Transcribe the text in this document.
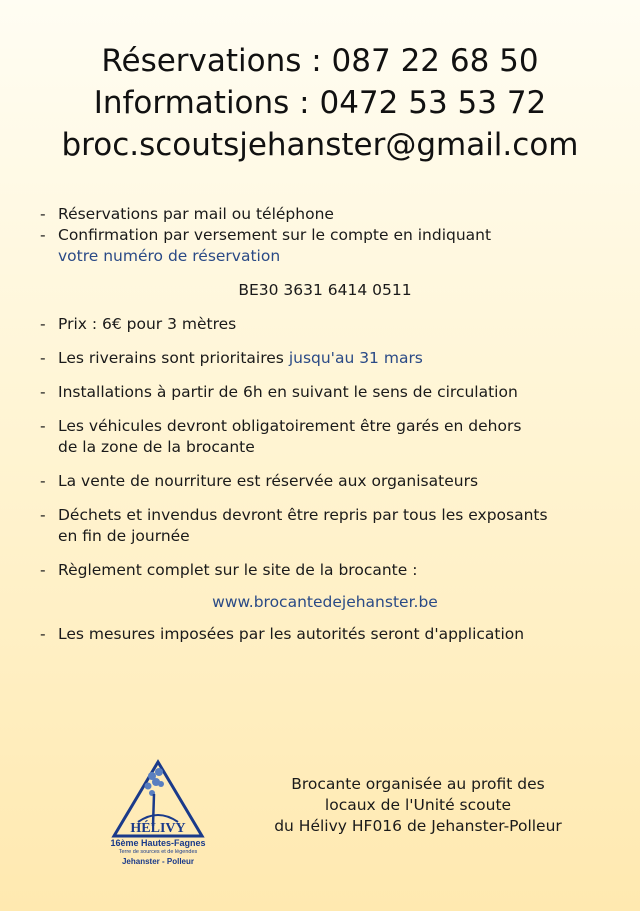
Réservations : 087 22 68 50
Informations : 0472 53 53 72
broc.scoutsjehanster@gmail.com
- Réservations par mail ou téléphone
- Confirmation par versement sur le compte en indiquant
votre numéro de réservation
BE30 3631 6414 0511
- Prix : 6€ pour 3 mètres
- Les riverains sont prioritaires jusqu'au 31 mars
- Installations à partir de 6h en suivant le sens de circulation
- Les véhicules devront obligatoirement être garés en dehors
de la zone de la brocante
- La vente de nourriture est réservée aux organisateurs
- Déchets et invendus devront être repris par tous les exposants
en fin de journée
- Règlement complet sur le site de la brocante :
www.brocantedejehanster.be
- Les mesures imposées par les autorités seront d'application
HÉLIVY
16ème Hautes-Fagnes
Terre de sources et de légendes
Jehanster - Polleur
Brocante organisée au profit des
locaux de l'Unité scoute
du Hélivy HF016 de Jehanster-Polleur
